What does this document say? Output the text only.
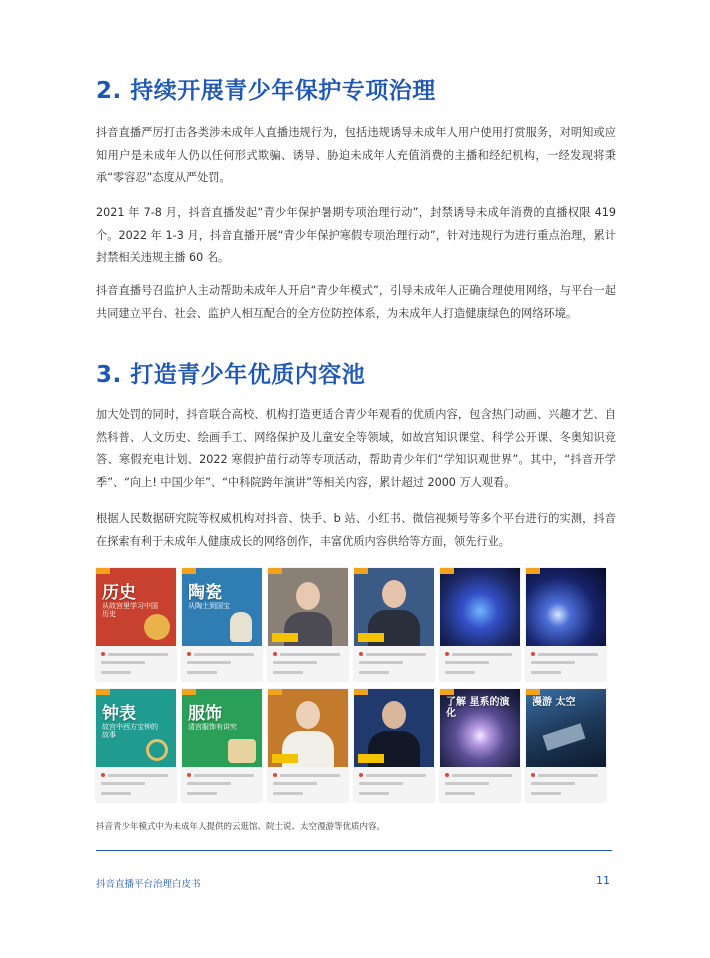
2. 持续开展青少年保护专项治理

抖音直播严厉打击各类涉未成年人直播违规行为，包括违规诱导未成年人用户使用打赏服务，对明知或应知用户是未成年人仍以任何形式欺骗、诱导、胁迫未成年人充值消费的主播和经纪机构，一经发现将秉承“零容忍”态度从严处罚。

2021 年 7-8 月，抖音直播发起“青少年保护暑期专项治理行动”，封禁诱导未成年消费的直播权限 419 个。2022 年 1-3 月，抖音直播开展“青少年保护寒假专项治理行动”，针对违规行为进行重点治理，累计封禁相关违规主播 60 名。

抖音直播号召监护人主动帮助未成年人开启“青少年模式”，引导未成年人正确合理使用网络，与平台一起共同建立平台、社会、监护人相互配合的全方位防控体系，为未成年人打造健康绿色的网络环境。

3. 打造青少年优质内容池

加大处罚的同时，抖音联合高校、机构打造更适合青少年观看的优质内容，包含热门动画、兴趣才艺、自然科普、人文历史、绘画手工、网络保护及儿童安全等领域，如故宫知识课堂、科学公开课、冬奥知识竞答、寒假充电计划、2022 寒假护苗行动等专项活动，帮助青少年们“学知识观世界”。其中，“抖音开学季”、“向上! 中国少年”、“中科院跨年演讲”等相关内容，累计超过 2000 万人观看。

根据人民数据研究院等权威机构对抖音、快手、b 站、小红书、微信视频号等多个平台进行的实测，抖音在探索有利于未成年人健康成长的网络创作，丰富优质内容供给等方面，领先行业。

历史
从故宫里学习中国历史
陶瓷
从陶土到国宝
钟表
故宫中西方宝钟的故事
服饰
清宫服饰有讲究
了解 星系的演化
漫游 太空
抖音青少年模式中为未成年人提供的云逛馆、院士说、太空漫游等优质内容。
抖音直播平台治理白皮书	11
